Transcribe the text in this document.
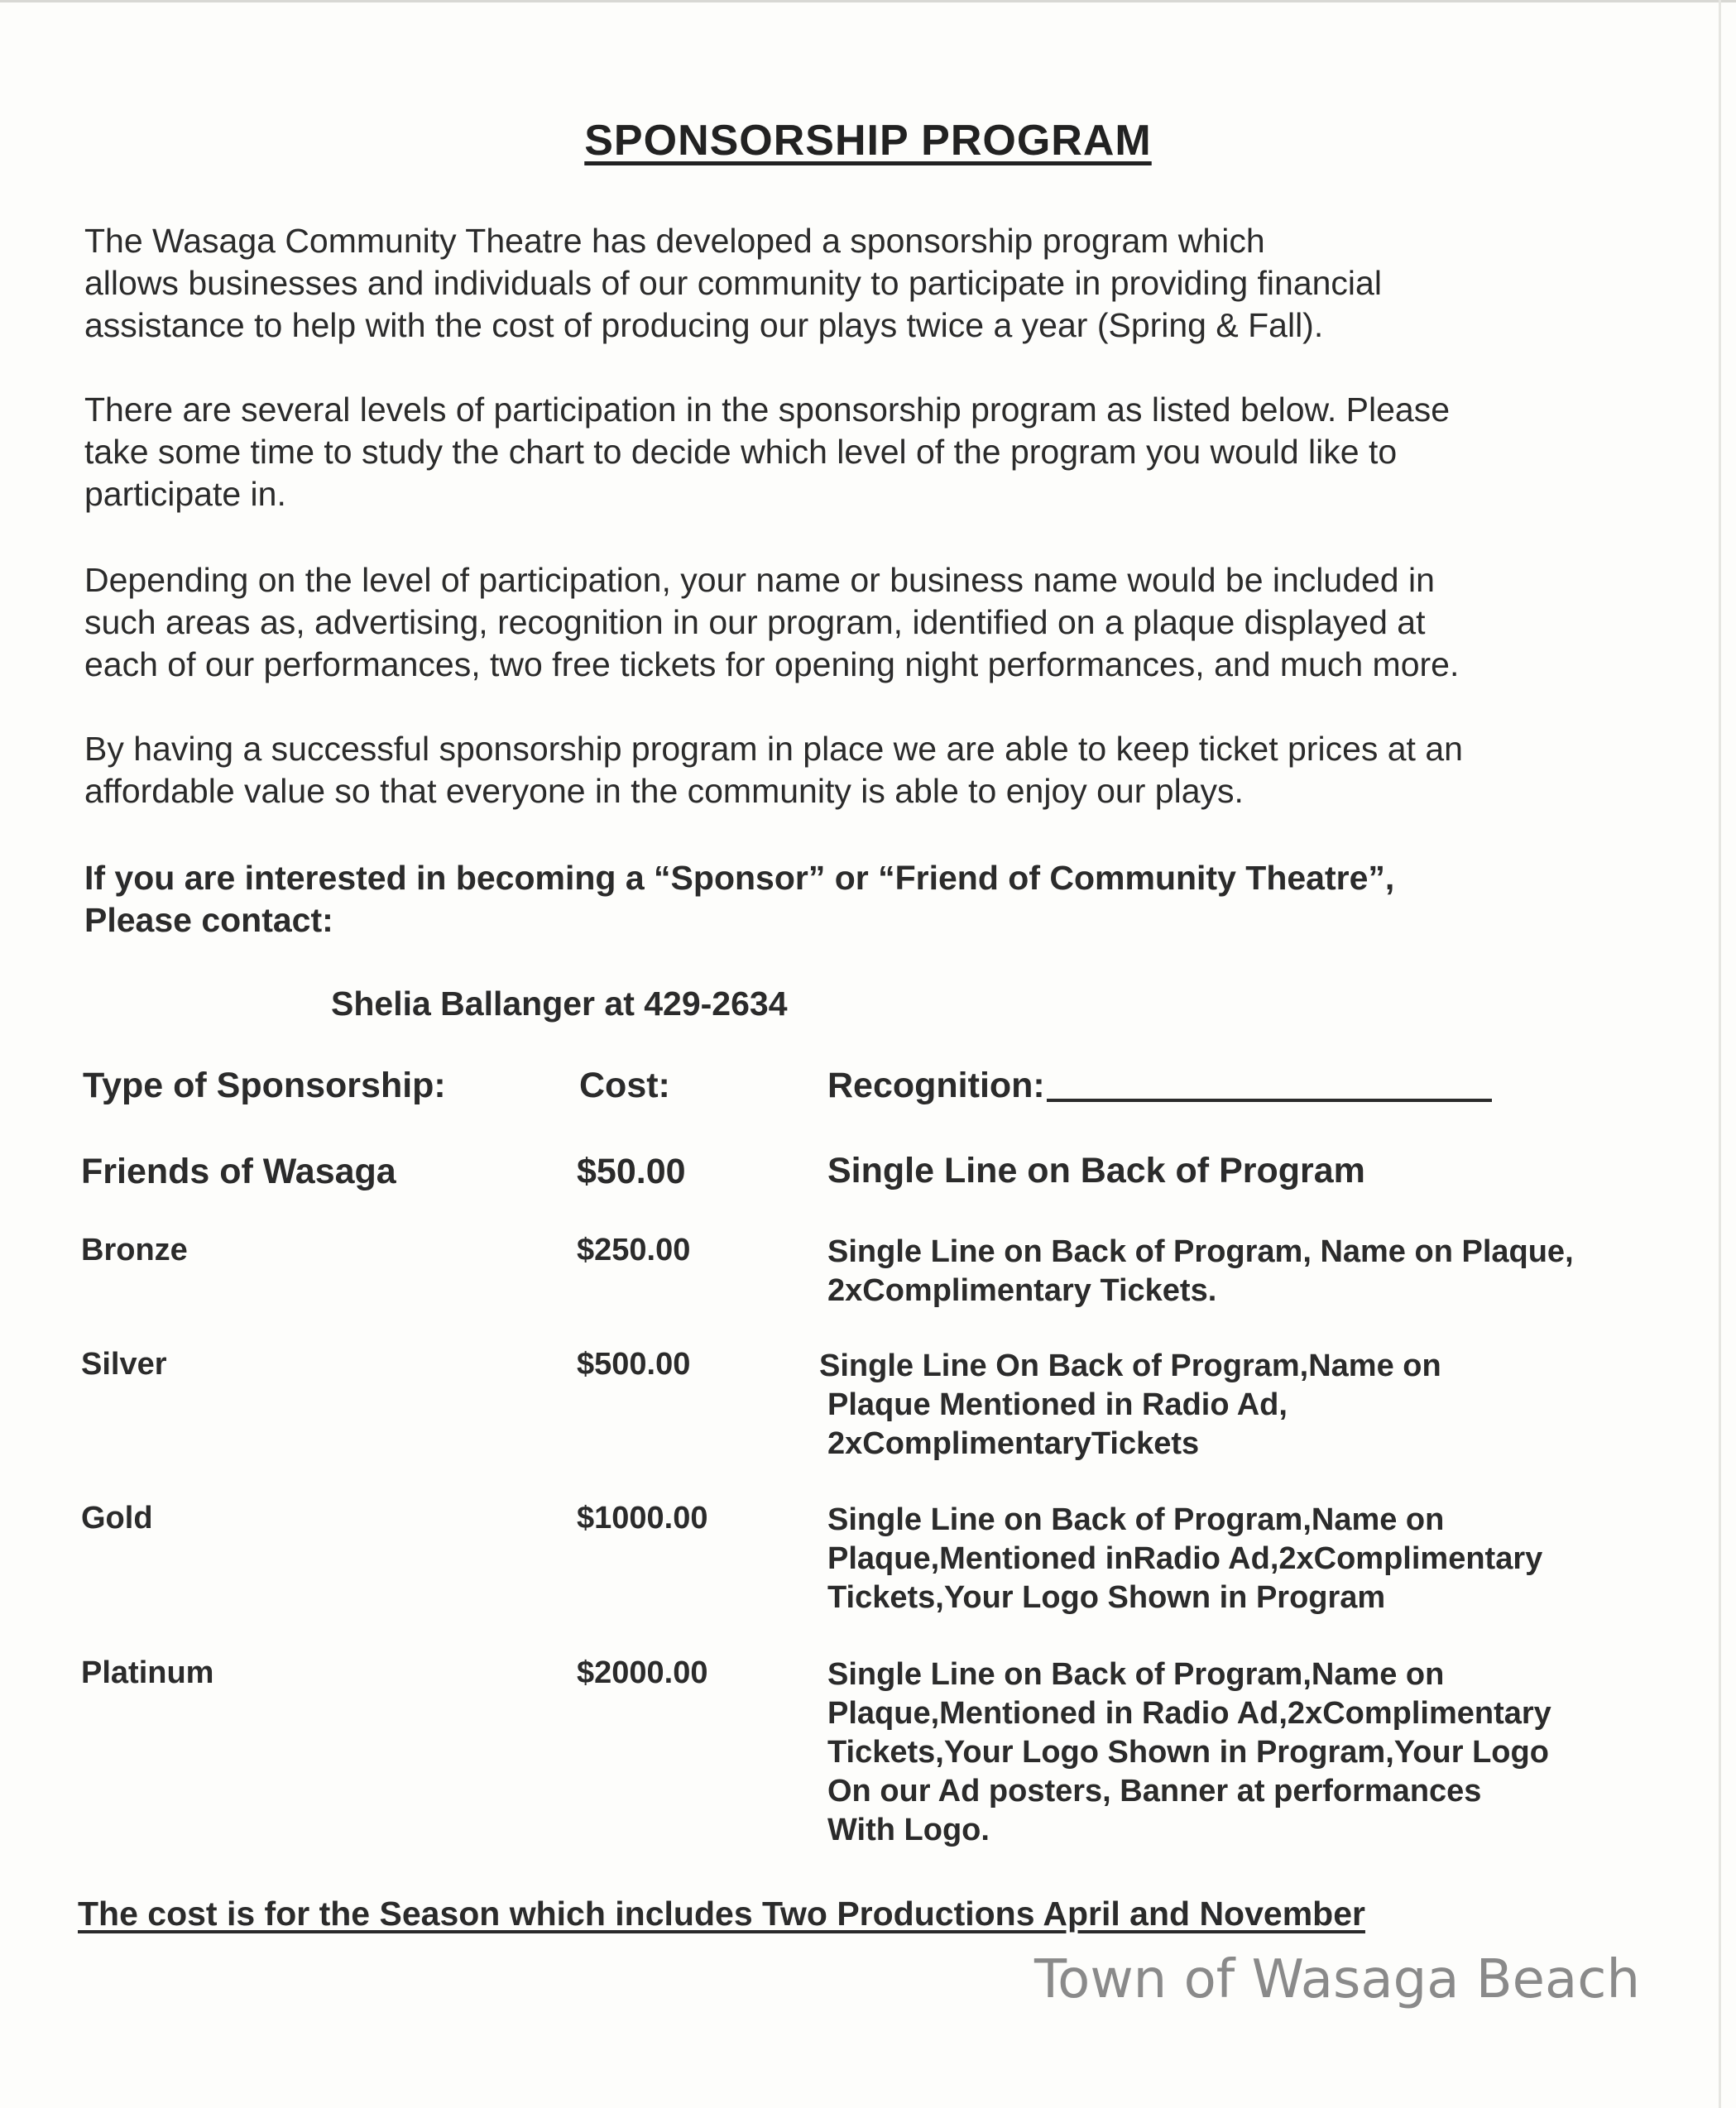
SPONSORSHIP PROGRAM
The Wasaga Community Theatre has developed a sponsorship program which
allows businesses and individuals of our community to participate in providing financial
assistance to help with the cost of producing our plays twice a year (Spring & Fall).
There are several levels of participation in the sponsorship program as listed below. Please
take some time to study the chart to decide which level of the program you would like to
participate in.
Depending on the level of participation, your name or business name would be included in
such areas as, advertising, recognition in our program, identified on a plaque displayed at
each of our performances, two free tickets for opening night performances, and much more.
By having a successful sponsorship program in place we are able to keep ticket prices at an
affordable value so that everyone in the community is able to enjoy our plays.
If you are interested in becoming a “Sponsor” or “Friend of Community Theatre”,
Please contact:
Shelia Ballanger at 429-2634
Type of Sponsorship:	Cost:	Recognition:
Friends of Wasaga	$50.00	Single Line on Back of Program
Bronze	$250.00	Single Line on Back of Program, Name on Plaque,
2xComplimentary Tickets.
Silver	$500.00	Single Line On Back of Program,Name on
Plaque Mentioned in Radio Ad,
2xComplimentaryTickets
Gold	$1000.00	Single Line on Back of Program,Name on
Plaque,Mentioned inRadio Ad,2xComplimentary
Tickets,Your Logo Shown in Program
Platinum	$2000.00	Single Line on Back of Program,Name on
Plaque,Mentioned in Radio Ad,2xComplimentary
Tickets,Your Logo Shown in Program,Your Logo
On our Ad posters, Banner at performances
With Logo.
The cost is for the Season which includes Two Productions April and November
Town of Wasaga Beach
